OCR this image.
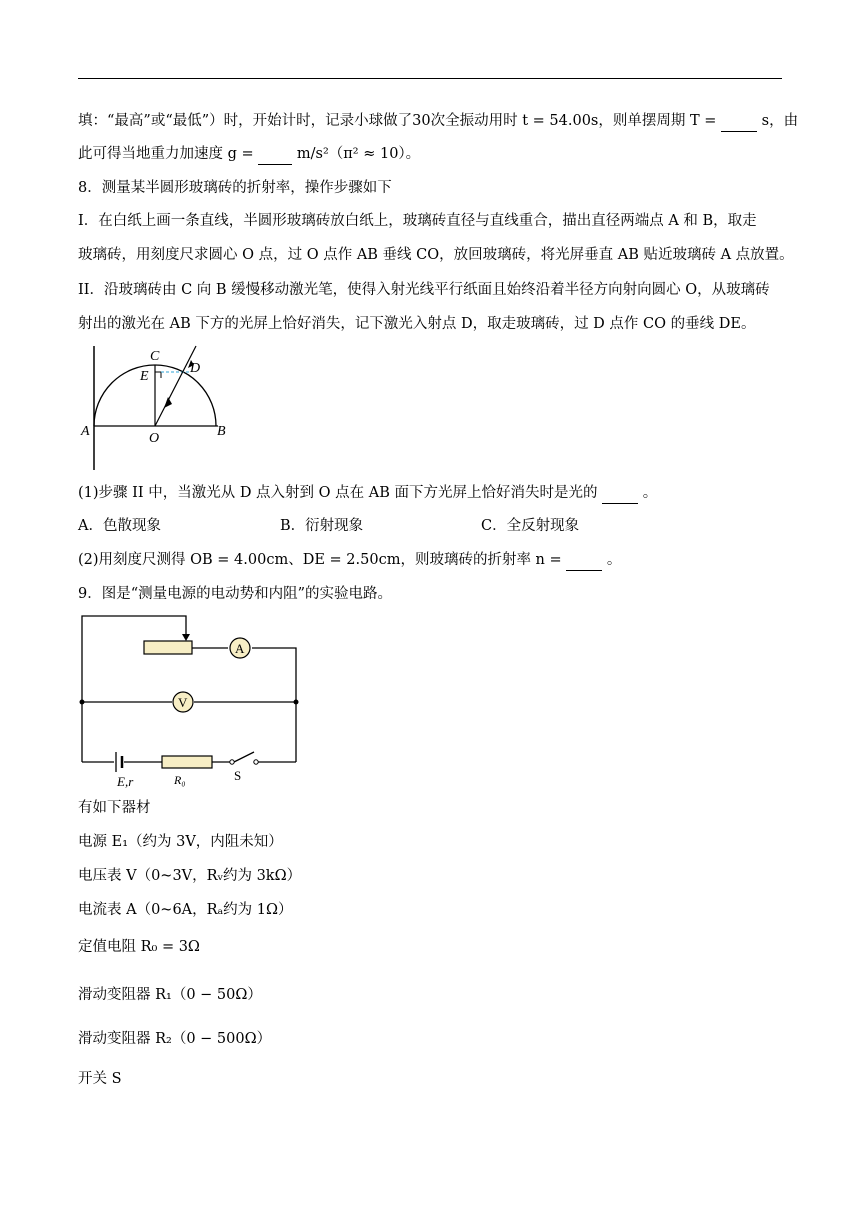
填：“最高”或“最低”）时，开始计时，记录小球做了30次全振动用时 t = 54.00s，则单摆周期 T =	s，由
此可得当地重力加速度 g =	m/s²（π² ≈ 10）。
8．测量某半圆形玻璃砖的折射率，操作步骤如下
I．在白纸上画一条直线，半圆形玻璃砖放白纸上，玻璃砖直径与直线重合，描出直径两端点 A 和 B，取走
玻璃砖，用刻度尺求圆心 O 点，过 O 点作 AB 垂线 CO，放回玻璃砖，将光屏垂直 AB 贴近玻璃砖 A 点放置。
II．沿玻璃砖由 C 向 B 缓慢移动激光笔，使得入射光线平行纸面且始终沿着半径方向射向圆心 O，从玻璃砖
射出的激光在 AB 下方的光屏上恰好消失，记下激光入射点 D，取走玻璃砖，过 D 点作 CO 的垂线 DE。
C
E
D
A	B
O
(1)步骤 II 中，当激光从 D 点入射到 O 点在 AB 面下方光屏上恰好消失时是光的	。
A．色散现象	B．衍射现象	C．全反射现象
(2)用刻度尺测得 OB = 4.00cm、DE = 2.50cm，则玻璃砖的折射率 n =	。
9．图是“测量电源的电动势和内阻”的实验电路。
A
V
E,r	R₀	S
有如下器材
电源 E₁（约为 3V，内阻未知）
电压表 V（0~3V，Rᵥ约为 3kΩ）
电流表 A（0~6A，Rₐ约为 1Ω）
定值电阻 R₀ = 3Ω
滑动变阻器 R₁（0 − 50Ω）
滑动变阻器 R₂（0 − 500Ω）
开关 S
